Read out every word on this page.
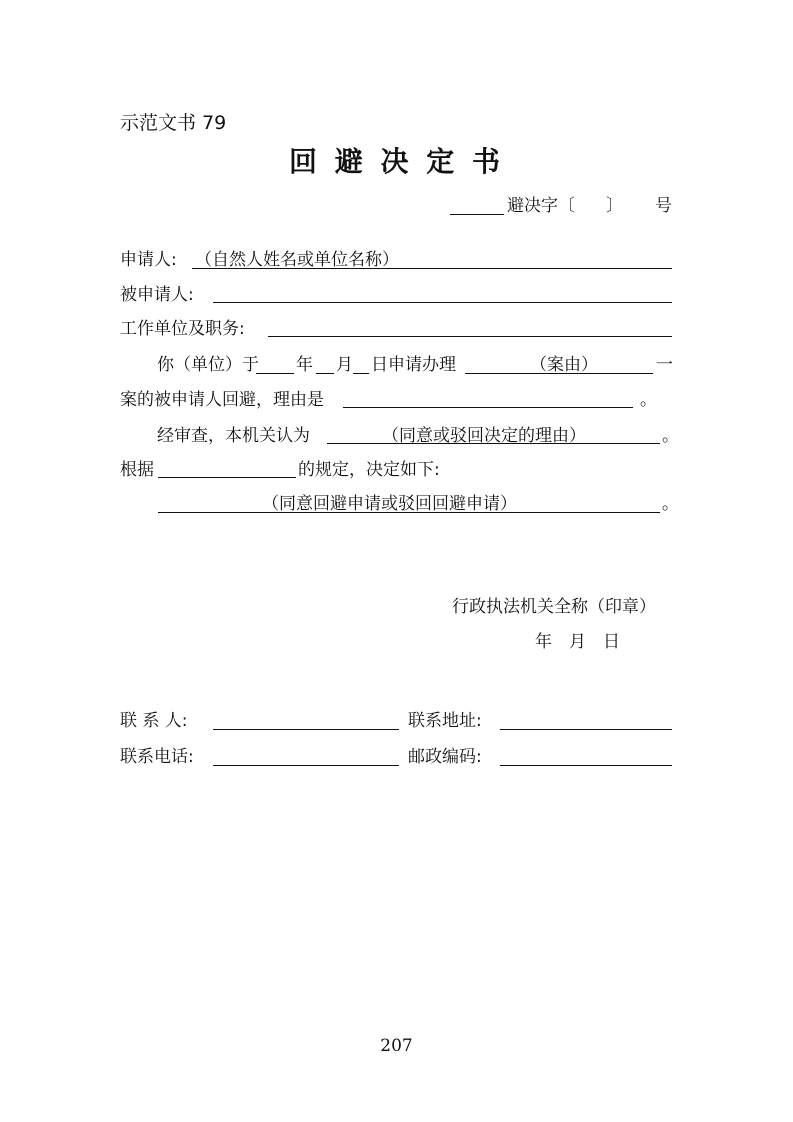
示范文书 79
回 避 决 定 书
避决字〔 〕 号
申请人: （自然人姓名或单位名称）
被申请人:
工作单位及职务:
你（单位）于 年 月 日申请办理	（案由）	一
案的被申请人回避，理由是	。
经审查，本机关认为	（同意或驳回决定的理由）	。
根据	的规定，决定如下:
（同意回避申请或驳回回避申请）	。
行政执法机关全称（印章）
年　月　日
联 系 人:	联系地址:
联系电话:	邮政编码:
207
